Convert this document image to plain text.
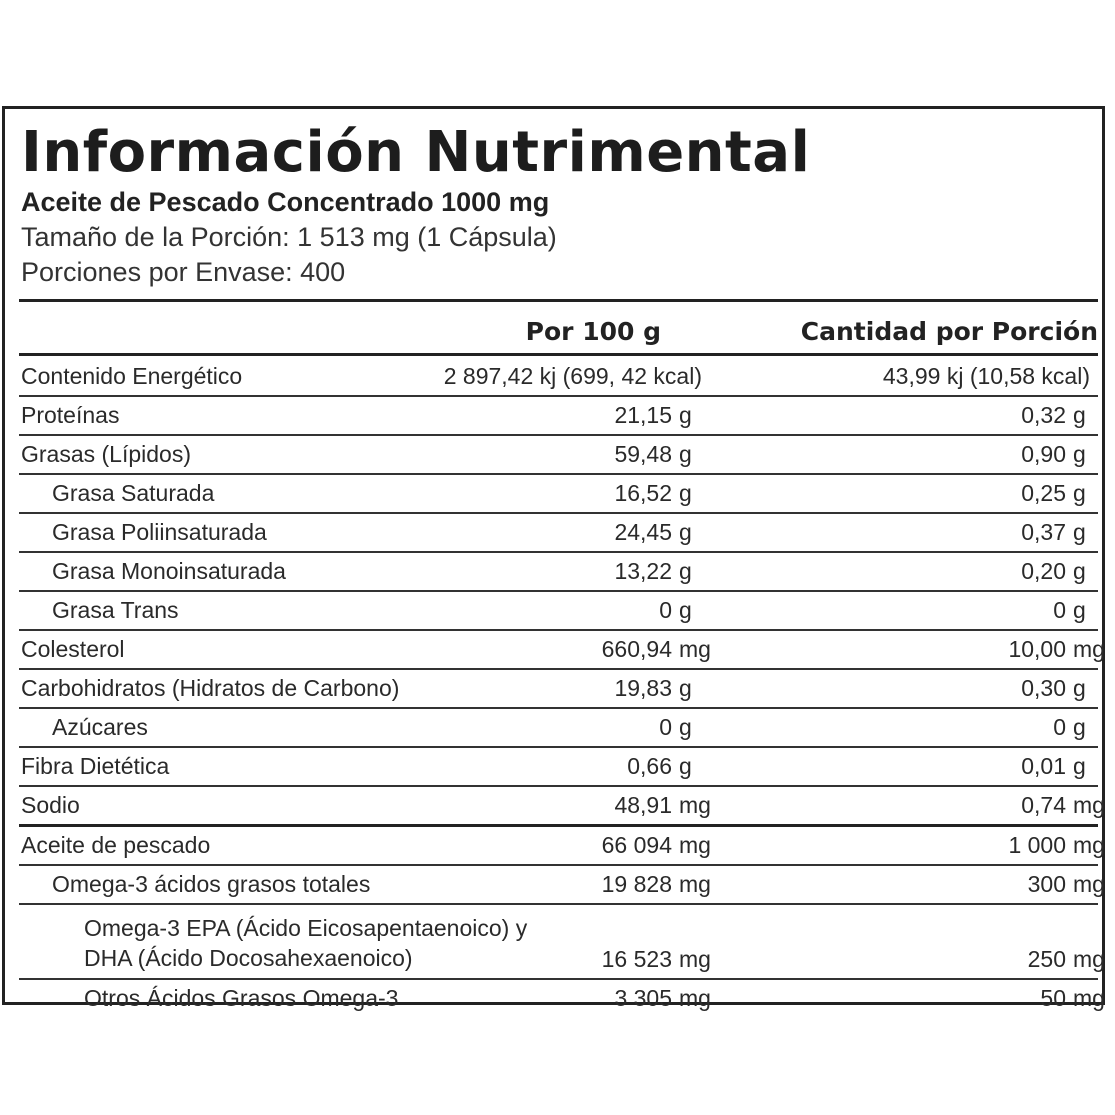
Información Nutrimental
Aceite de Pescado Concentrado 1000 mg
Tamaño de la Porción: 1 513 mg (1 Cápsula)
Porciones por Envase: 400
Por 100 g	Cantidad por Porción
Contenido Energético	2 897,42 kj (699, 42 kcal)	43,99 kj (10,58 kcal)
Proteínas	21,15 g	0,32 g
Grasas (Lípidos)	59,48 g	0,90 g
Grasa Saturada	16,52 g	0,25 g
Grasa Poliinsaturada	24,45 g	0,37 g
Grasa Monoinsaturada	13,22 g	0,20 g
Grasa Trans	0 g	0 g
Colesterol	660,94 mg	10,00 mg
Carbohidratos (Hidratos de Carbono)	19,83 g	0,30 g
Azúcares	0 g	0 g
Fibra Dietética	0,66 g	0,01 g
Sodio	48,91 mg	0,74 mg
Aceite de pescado	66 094 mg	1 000 mg
Omega-3 ácidos grasos totales	19 828 mg	300 mg
Omega-3 EPA (Ácido Eicosapentaenoico) y
DHA (Ácido Docosahexaenoico)	16 523 mg	250 mg
Otros Ácidos Grasos Omega-3	3 305 mg	50 mg
